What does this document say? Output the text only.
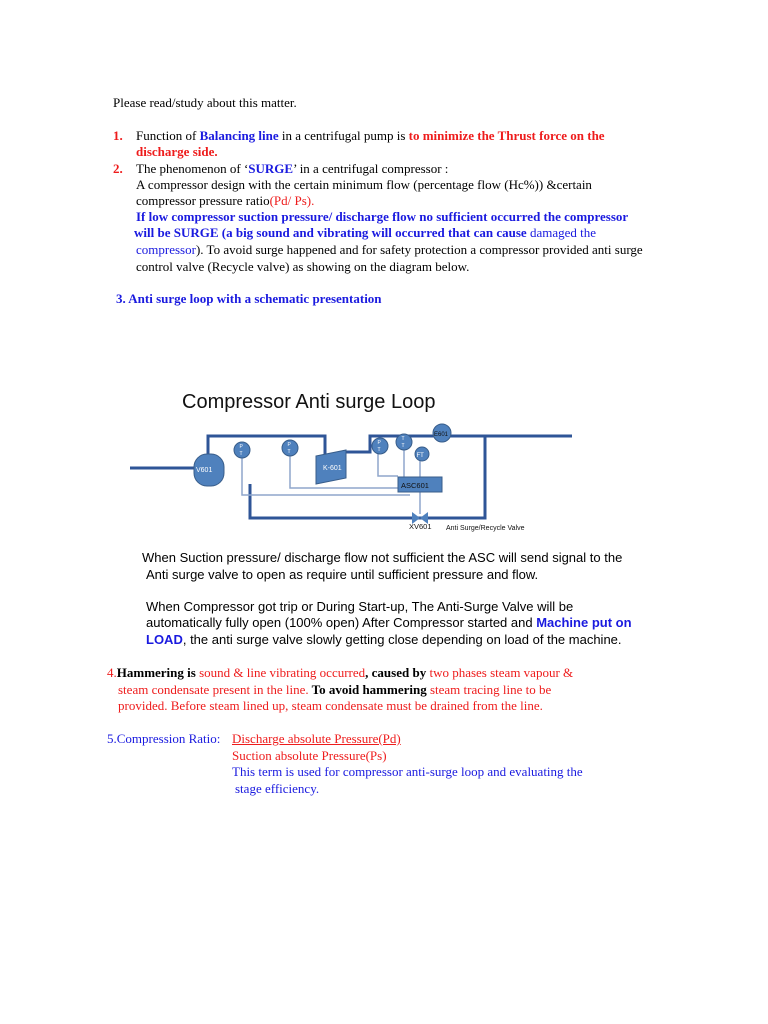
Please read/study about this matter.
1. Function of Balancing line in a centrifugal pump is to minimize the Thrust force on the
discharge side.
2. The phenomenon of ‘SURGE’ in a centrifugal compressor :
A compressor design with the certain minimum flow (percentage flow (Hc%)) &certain
compressor pressure ratio(Pd/ Ps).
If low compressor suction pressure/ discharge flow no sufficient occurred the compressor
will be SURGE (a big sound and vibrating will occurred that can cause damaged the
compressor). To avoid surge happened and for safety protection a compressor provided anti surge
control valve (Recycle valve) as showing on the diagram below.
3. Anti surge loop with a schematic presentation
Compressor Anti surge Loop
V601	K-601
P
T
P
T
P
T
T
T
FT
E601
ASC601
XV601 Anti Surge/Recycle Valve
When Suction pressure/ discharge flow not sufficient the ASC will send signal to the
Anti surge valve to open as require until sufficient pressure and flow.
When Compressor got trip or During Start-up, The Anti-Surge Valve will be
automatically fully open (100% open) After Compressor started and Machine put on
LOAD, the anti surge valve slowly getting close depending on load of the machine.
4.Hammering is sound & line vibrating occurred, caused by two phases steam vapour &
steam condensate present in the line. To avoid hammering steam tracing line to be
provided. Before steam lined up, steam condensate must be drained from the line.
5.Compression Ratio: Discharge absolute Pressure(Pd)
Suction absolute Pressure(Ps)
This term is used for compressor anti-surge loop and evaluating the
stage efficiency.
